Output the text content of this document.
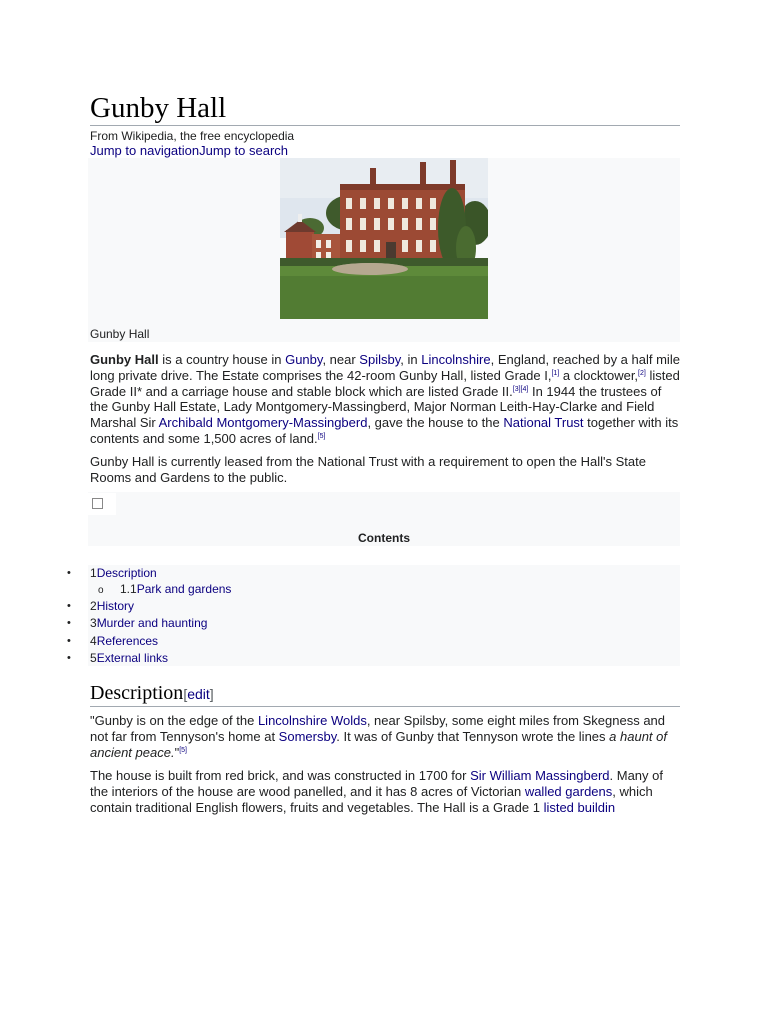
Gunby Hall
From Wikipedia, the free encyclopedia
Jump to navigationJump to search
Gunby Hall

Gunby Hall is a country house in Gunby, near Spilsby, in Lincolnshire, England, reached by a half mile long private drive. The Estate comprises the 42-room Gunby Hall, listed Grade I,[1] a clocktower,[2] listed Grade II* and a carriage house and stable block which are listed Grade II.[3][4] In 1944 the trustees of the Gunby Hall Estate, Lady Montgomery-Massingberd, Major Norman Leith-Hay-Clarke and Field Marshal Sir Archibald Montgomery-Massingberd, gave the house to the National Trust together with its contents and some 1,500 acres of land.[5]

Gunby Hall is currently leased from the National Trust with a requirement to open the Hall's State Rooms and Gardens to the public.

Contents
• 1Description
o 1.1Park and gardens
• 2History
• 3Murder and haunting
• 4References
• 5External links
Description[edit]

"Gunby is on the edge of the Lincolnshire Wolds, near Spilsby, some eight miles from Skegness and not far from Tennyson's home at Somersby. It was of Gunby that Tennyson wrote the lines a haunt of ancient peace."[5]

The house is built from red brick, and was constructed in 1700 for Sir William Massingberd. Many of the interiors of the house are wood panelled, and it has 8 acres of Victorian walled gardens, which contain traditional English flowers, fruits and vegetables. The Hall is a Grade 1 listed buildin
